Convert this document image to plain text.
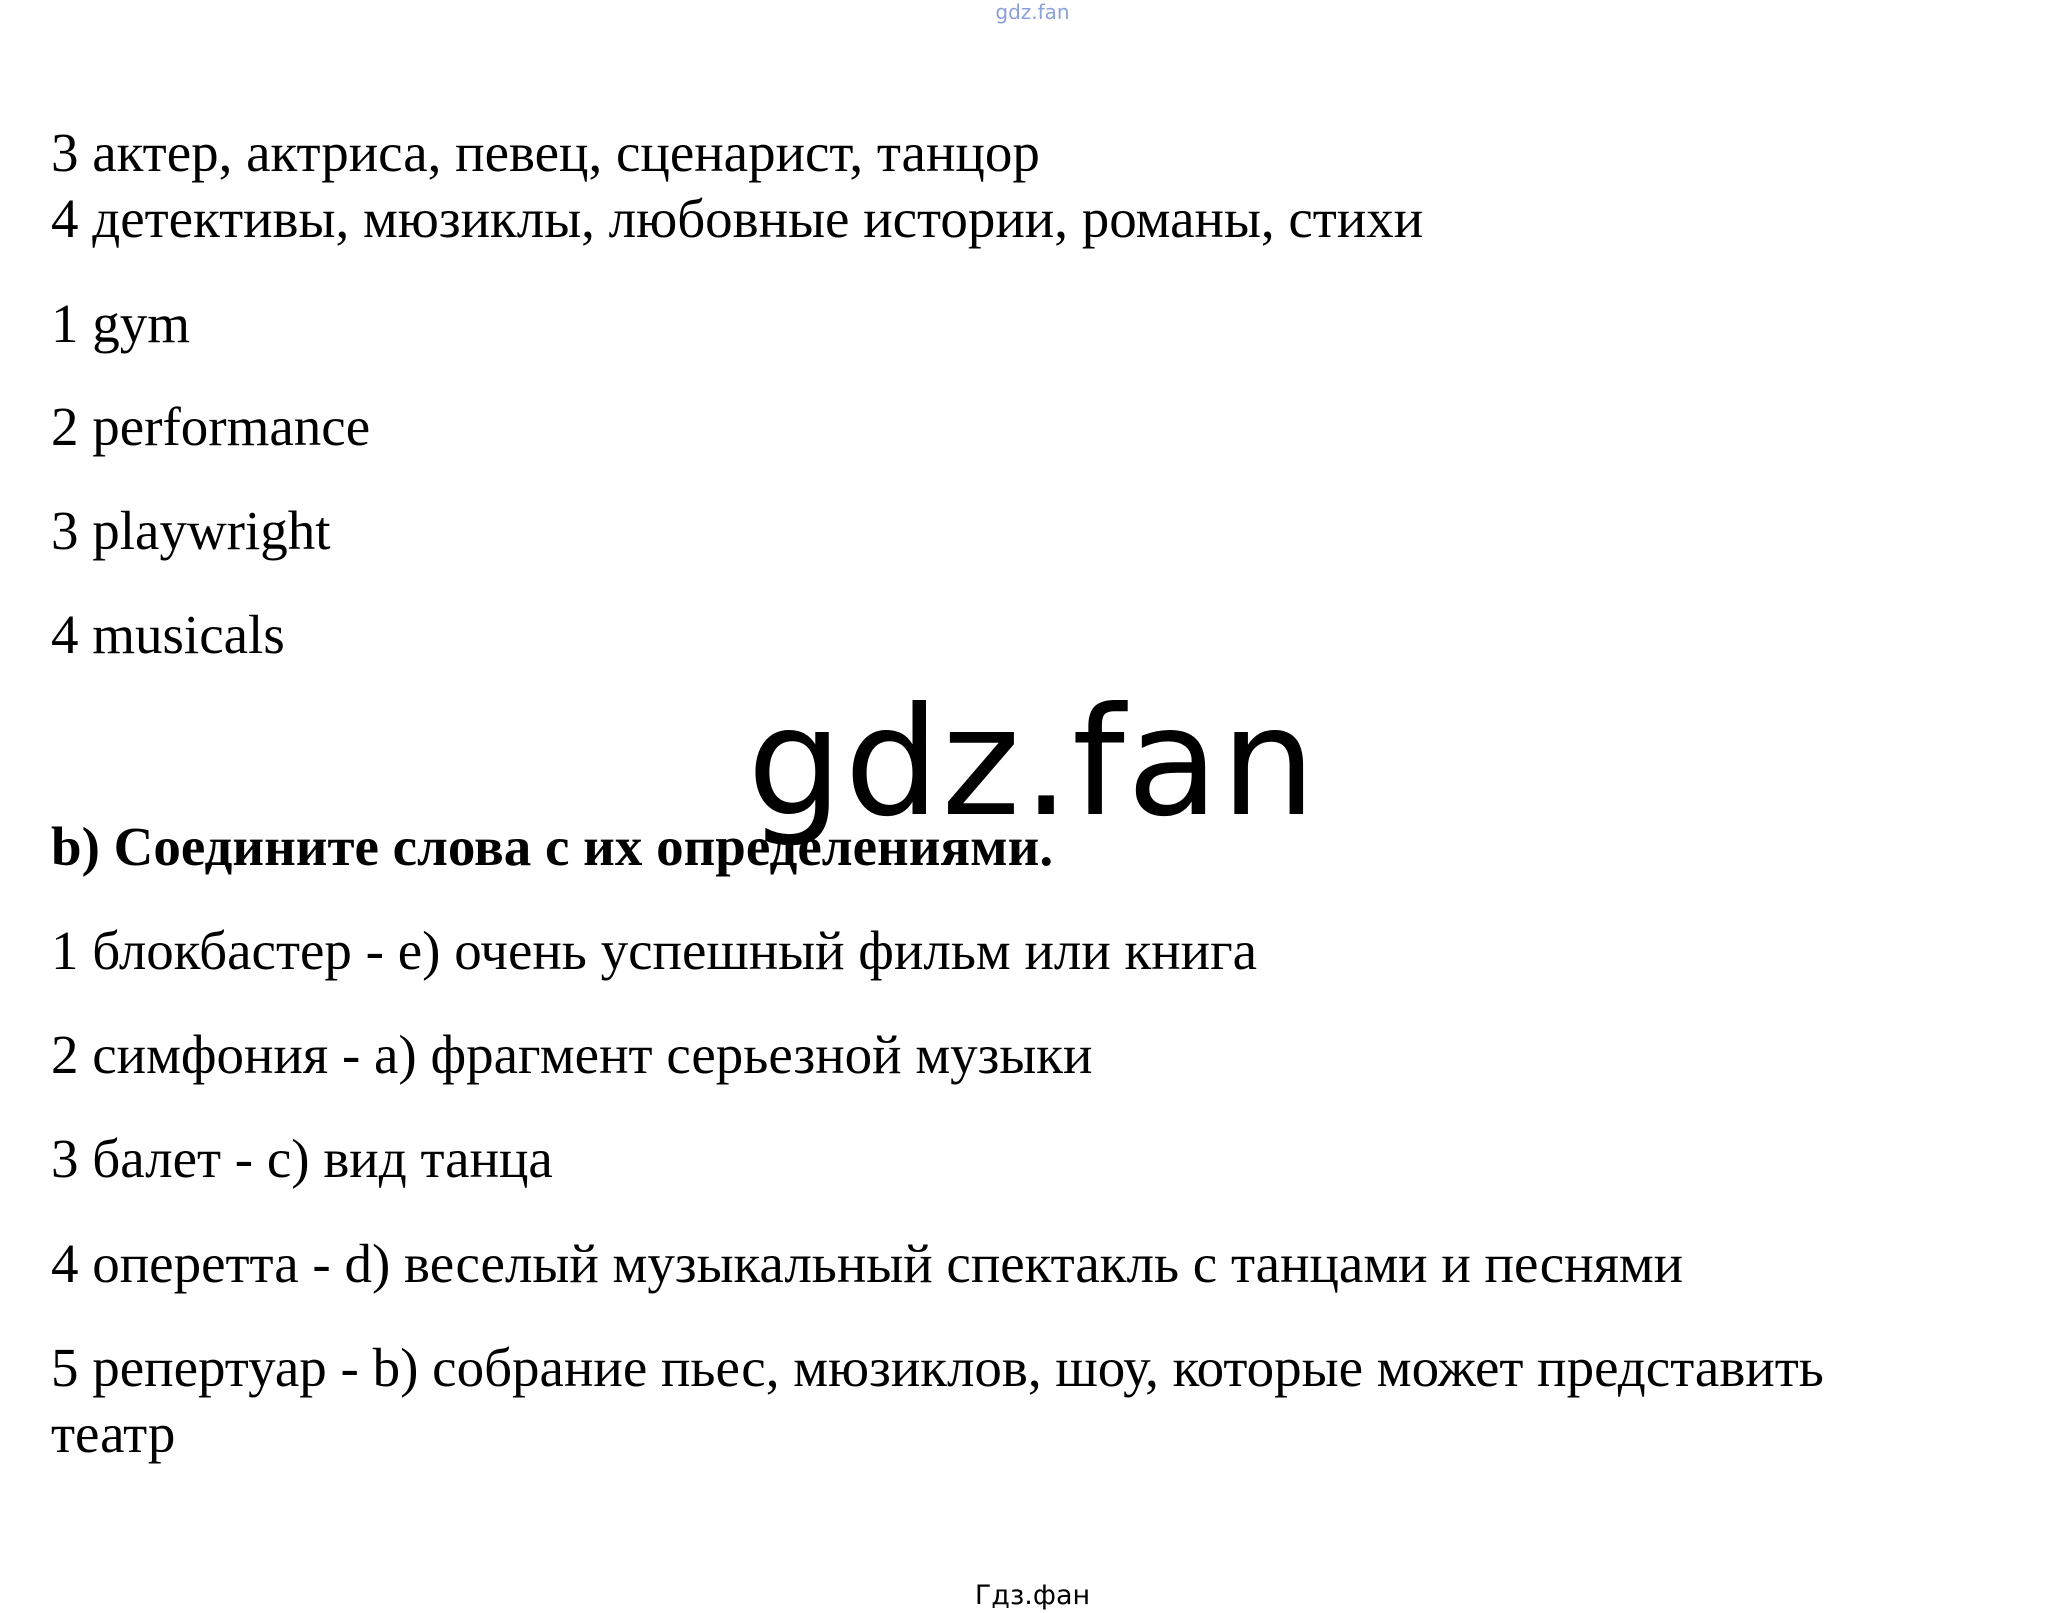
gdz.fan
3 актер, актриса, певец, сценарист, танцор
4 детективы, мюзиклы, любовные истории, романы, стихи
1 gym
2 performance
3 playwright
4 musicals
gdz.fan
b) Соедините слова с их определениями.
1 блокбастер - e) очень успешный фильм или книга
2 симфония - a) фрагмент серьезной музыки
3 балет - c) вид танца
4 оперетта - d) веселый музыкальный спектакль с танцами и песнями
5 репертуар - b) собрание пьес, мюзиклов, шоу, которые может представить
театр
Гдз.фан
